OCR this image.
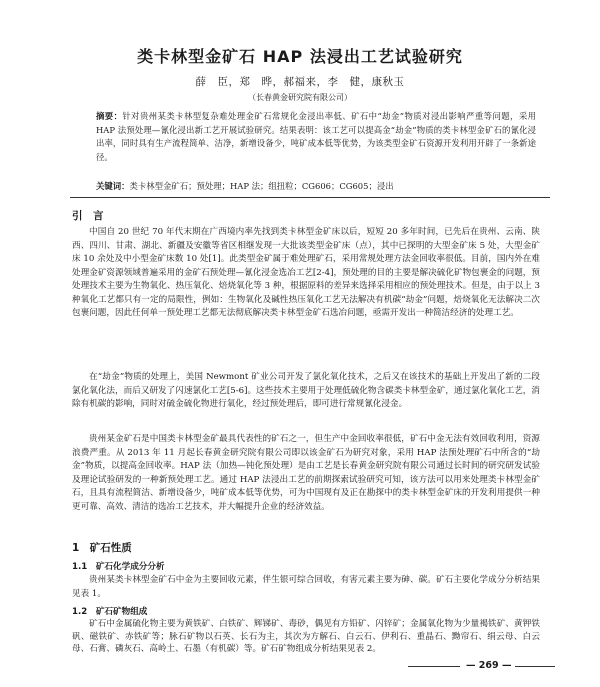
类卡林型金矿石 HAP 法浸出工艺试验研究
薛　臣，郑　晔，郝福来，李　健，康秋玉
（长春黄金研究院有限公司）
摘要：针对贵州某类卡林型复杂难处理金矿石常规化金浸出率低、矿石中“劫金”物质对浸出影响严重等问题，采用 HAP 法预处理—氰化浸出新工艺开展试验研究。结果表明：该工艺可以提高金“劫金”物质的类卡林型金矿石的氰化浸出率，同时具有生产流程简单、洁净，新增设备少，吨矿成本低等优势，为该类型金矿石资源开发利用开辟了一条新途径。
关键词：类卡林型金矿石；预处理；HAP 法；组扭粒；CG606；CG605；浸出
引　言
中国自 20 世纪 70 年代末期在广西境内率先找到类卡林型金矿床以后，短短 20 多年时间，已先后在贵州、云南、陕西、四川、甘肃、湖北、新疆及安徽等省区相继发现一大批该类型金矿床（点），其中已探明的大型金矿床 5 处，大型金矿床 10 余处及中小型金矿床数 10 处[1]。此类型金矿属于难处理矿石，采用常规处理方法金回收率很低。目前，国内外在难处理金矿资源领域普遍采用的金矿石预处理—氰化浸金选冶工艺[2-4]，预处理的目的主要是解决硫化矿物包裹金的问题，预处理技术主要为生物氧化、热压氧化、焙烧氧化等 3 种，根据原料的差异来选择采用相应的预处理技术。但是，由于以上 3 种氧化工艺都只有一定的局限性，例如：生物氧化及碱性热压氧化工艺无法解决有机碳“劫金”问题，焙烧氧化无法解决二次包裹问题，因此任何单一预处理工艺都无法彻底解决类卡林型金矿石选冶问题，亟需开发出一种简洁经济的处理工艺。
在“劫金”物质的处理上，美国 Newmont 矿业公司开发了氯化氧化技术，之后又在该技术的基础上开发出了新的二段氯化氧化法，而后又研发了闪速氯化工艺[5-6]。这些技术主要用于处理低硫化物含碳类卡林型金矿，通过氯化氧化工艺，消除有机碳的影响，同时对硫金硫化物进行氧化，经过预处理后，即可进行常规氰化浸金。
贵州某金矿石是中国类卡林型金矿最具代表性的矿石之一，但生产中金回收率很低，矿石中金无法有效回收利用，资源浪费严重。从 2013 年 11 月起长春黄金研究院有限公司即以该金矿石为研究对象，采用 HAP 法预处理矿石中所含的“劫金”物质，以提高金回收率。HAP 法（加热—钝化预处理）是由工艺是长春黄金研究院有限公司通过长时间的研究研发试验及理论试验研发的一种新预处理工艺。通过 HAP 法浸出工艺的前期探索试验研究可知，该方法可以用来处理类卡林型金矿石，且具有流程简洁、新增设备少，吨矿成本低等优势，可为中国现有及正在勘探中的类卡林型金矿床的开发利用提供一种更可靠、高效、清洁的选冶工艺技术，并大幅提升企业的经济效益。
1　矿石性质
1.1　矿石化学成分分析
贵州某类卡林型金矿石中金为主要回收元素，伴生银可综合回收，有害元素主要为砷、碳。矿石主要化学成分分析结果见表 1。
1.2　矿石矿物组成
矿石中金属硫化物主要为黄铁矿、白铁矿、辉锑矿、毒砂，偶见有方铅矿、闪锌矿；金属氧化物为少量褐铁矿、黄钾铁矾、磁铁矿、赤铁矿等；脉石矿物以石英、长石为主，其次为方解石、白云石、伊利石、重晶石、黝帘石、绢云母、白云母、石膏、磷灰石、高岭土、石墨（有机碳）等。矿石矿物组成分析结果见表 2。
— 269 —
